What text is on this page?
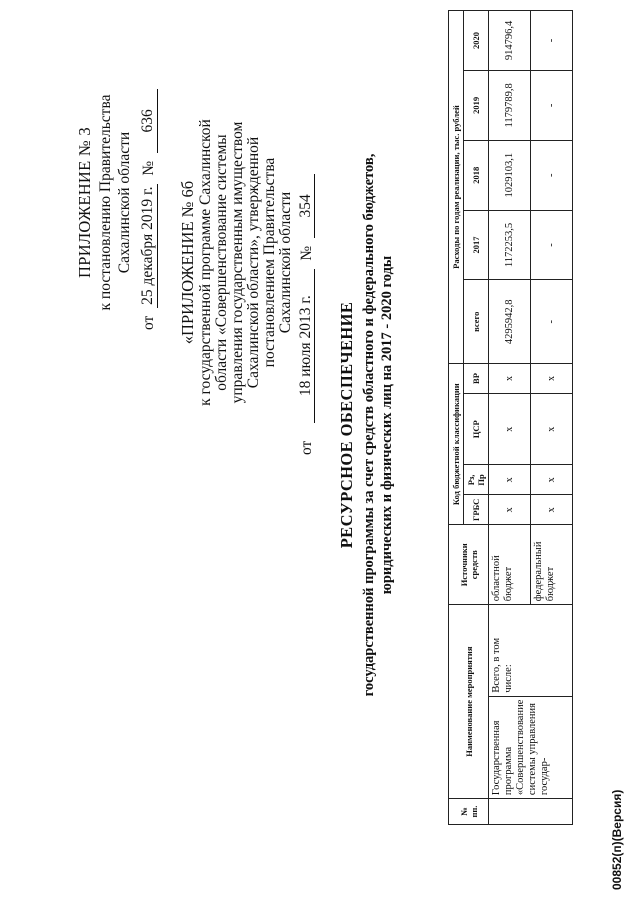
ПРИЛОЖЕНИЕ № 3 к постановлению Правительства Сахалинской области
от
25 декабря 2019 г.
№
636
«ПРИЛОЖЕНИЕ № 6б к государственной программе Сахалинской области «Совершенствование системы управления государственным имуществом Сахалинской области», утвержденной постановлением Правительства Сахалинской области
от
18 июля 2013 г.
№
354
РЕСУРСНОЕ ОБЕСПЕЧЕНИЕ государственной программы за счет средств областного и федерального бюджетов, юридических и физических лиц на 2017 - 2020 годы
№ пп.	Наименование мероприятия		Источники средств	Код бюджетной классификации				Расходы по годам реализации, тыс. рублей				
				ГРБС	Рз, Пр	ЦСР	ВР	всего	2017	2018	2019	2020
	Государственная программа «Совершенствование системы управления государ-	Всего, в том числе:	областной бюджет	х	х	х	х	4295942,8	1172253,5	1029103,1	1179789,8	914796,4
			федеральный бюджет	х	х	х	х	-	-	-	-	-
00852(п)(Версия)
